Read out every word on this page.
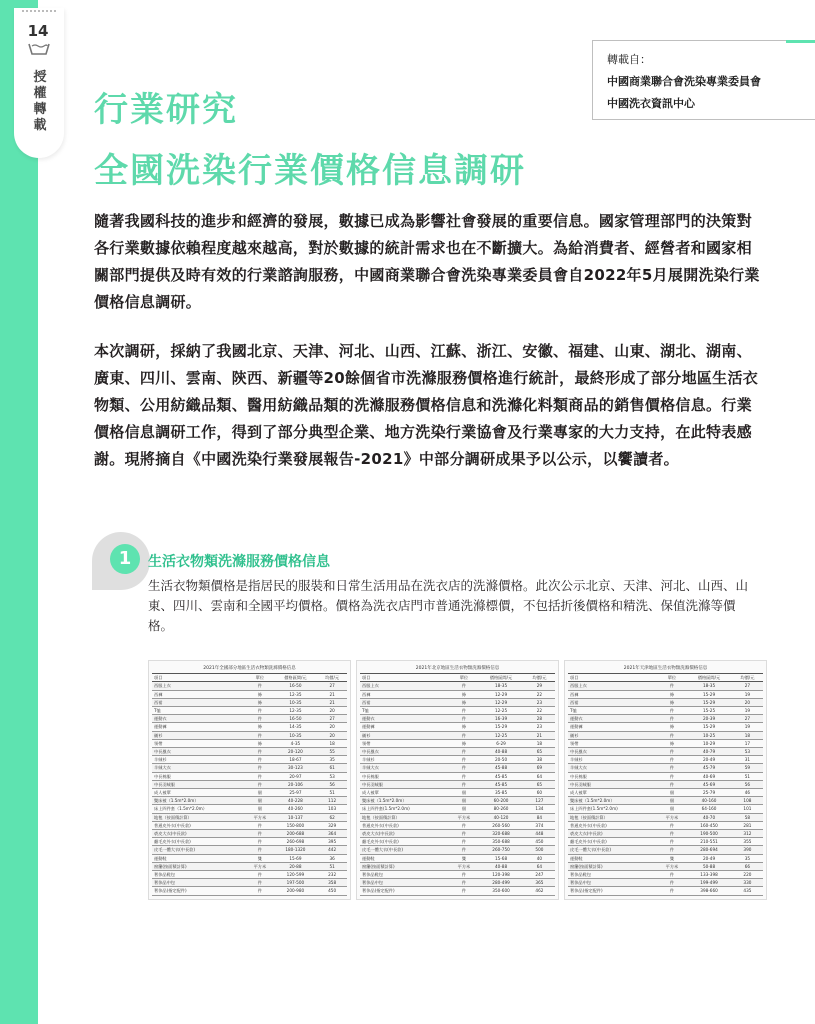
14
授
權
轉
載

轉載自：

中國商業聯合會洗染專業委員會

中國洗衣資訊中心

行業研究
全國洗染行業價格信息調研

隨著我國科技的進步和經濟的發展，數據已成為影響社會發展的重要信息。國家管理部門的決策對各行業數據依賴程度越來越高，對於數據的統計需求也在不斷擴大。為給消費者、經營者和國家相關部門提供及時有效的行業諮詢服務，中國商業聯合會洗染專業委員會自2022年5月展開洗染行業價格信息調研。

本次調研，採納了我國北京、天津、河北、山西、江蘇、浙江、安徽、福建、山東、湖北、湖南、廣東、四川、雲南、陝西、新疆等20餘個省市洗滌服務價格進行統計，最終形成了部分地區生活衣物類、公用紡織品類、醫用紡織品類的洗滌服務價格信息和洗滌化料類商品的銷售價格信息。行業價格信息調研工作，得到了部分典型企業、地方洗染行業協會及行業專家的大力支持，在此特表感謝。現將摘自《中國洗染行業發展報告-2021》中部分調研成果予以公示，以饗讀者。

1	生活衣物類洗滌服務價格信息

生活衣物類價格是指居民的服裝和日常生活用品在洗衣店的洗滌價格。此次公示北京、天津、河北、山西、山東、四川、雲南和全國平均價格。價格為洗衣店門市普通洗滌標價，不包括折後價格和精洗、保值洗滌等價格。

2021年全國部分地區生活衣物類洗滌價格信息
項目	單位	價格區間/元	均價/元
西服上衣	件	16-50	27
西褲	條	12-35	21
西裙	條	10-35	21
T恤	件	12-35	20
運動衣	件	16-50	27
運動褲	條	14-35	20
襯衫	件	10-35	20
領帶	條	4-35	18
中長風衣	件	20-120	55
羊絨衫	件	18-67	35
羊絨大衣	件	30-123	61
中長棉服	件	20-97	53
中長羽絨服	件	20-106	56
成人被單	個	25-97	51
雙床被（1.5m*2.0m）	個	40-228	112
床上四件套（1.5m*2.0m）	個	40-260	103
地毯（按面積計算）	平方米	10-137	62
普通皮外衣(中長款)	件	150-800	329
裘皮大衣(中長款)	件	200-688	364
翻毛皮外衣(中長款)	件	260-698	395
皮毛一體大衣(中長款)	件	180-1320	442
運動鞋	雙	15-69	36
窗簾(按面積計算)	平方米	20-88	51
奢侈品鞋包	件	120-599	232
奢侈品中包	件	197-500	358
奢侈品(指定配件)	件	200-980	450
2021年北京地區生活衣物類洗滌價格信息
項目	單位	價格區間/元	均價/元
西服上衣	件	18-35	29
西褲	條	12-29	22
西裙	條	12-29	23
T恤	件	12-25	22
運動衣	件	16-39	28
運動褲	條	15-29	23
襯衫	件	12-25	21
領帶	條	6-29	18
中長風衣	件	40-88	65
羊絨衫	件	20-50	38
羊絨大衣	件	45-88	69
中長棉服	件	45-85	64
中長羽絨服	件	45-85	65
成人被單	個	35-85	60
雙床被（1.5m*2.0m）	個	60-200	127
床上四件套(1.5m*2.0m)	個	80-260	134
地毯（按面積計算）	平方米	40-120	84
普通皮外衣(中長款)	件	260-560	374
裘皮大衣(中長款)	件	320-688	448
翻毛皮外衣(中長款)	件	350-688	450
皮毛一體大衣(中長款)	件	260-750	500
運動鞋	雙	15-68	40
窗簾(按面積計算)	平方米	40-88	64
奢侈品鞋包	件	120-398	247
奢侈品中包	件	280-499	365
奢侈品(指定配件)	件	350-600	462
2021年天津地區生活衣物類洗滌價格信息
項目	單位	價格區間/元	均價/元
西服上衣	件	18-35	27
西褲	條	15-29	19
西裙	條	15-29	20
T恤	件	15-25	19
運動衣	件	20-39	27
運動褲	條	15-29	19
襯衫	件	10-25	18
領帶	條	10-29	17
中長風衣	件	40-79	53
羊絨衫	件	20-49	31
羊絨大衣	件	45-79	59
中長棉服	件	40-69	51
中長羽絨服	件	45-69	56
成人被單	個	25-79	46
雙床被（1.5m*2.0m）	個	40-160	108
床上四件套(1.5m*2.0m)	個	64-160	101
地毯（按面積計算）	平方米	40-70	58
普通皮外衣(中長款)	件	160-450	281
裘皮大衣(中長款)	件	190-500	312
翻毛皮外衣(中長款)	件	210-551	355
皮毛一體大衣(中長款)	件	280-694	390
運動鞋	雙	20-49	35
窗簾(按面積計算)	平方米	50-88	66
奢侈品鞋包	件	133-398	220
奢侈品中包	件	199-499	330
奢侈品(指定配件)	件	398-660	435
